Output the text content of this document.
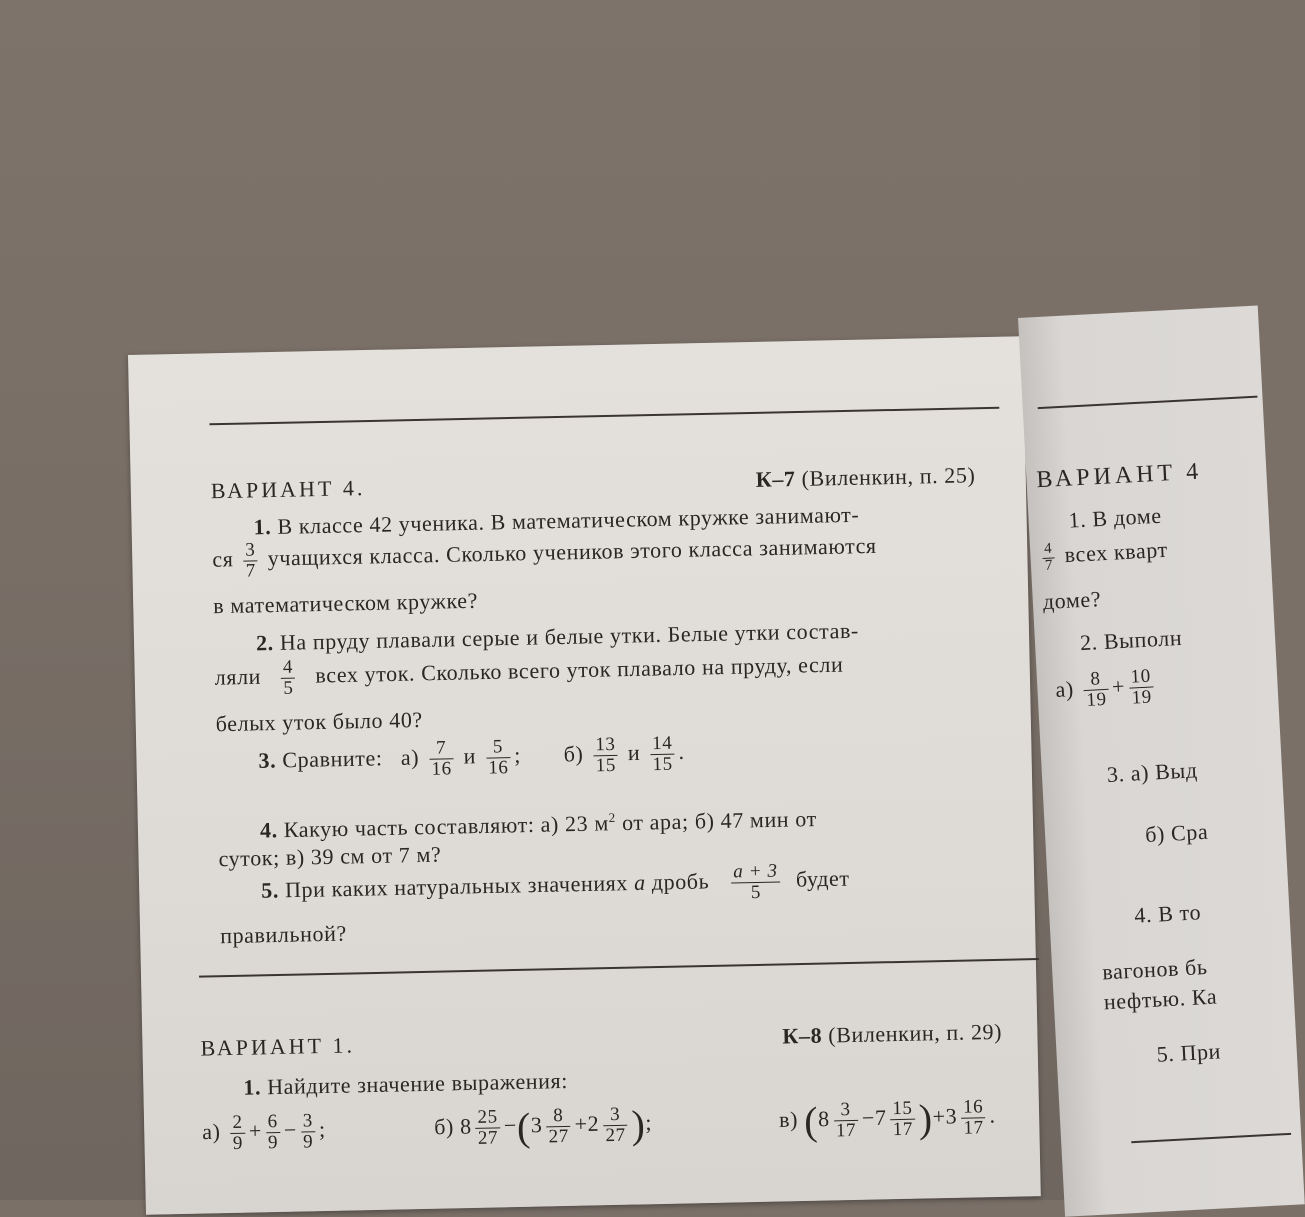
ВАРИАНТ 4.	К–7 (Виленкин, п. 25)
1. В классе 42 ученика. В математическом кружке занимают-
ся $\frac{3}{7}$ учащихся класса. Сколько учеников этого класса занимаются
в математическом кружке?
2. На пруду плавали серые и белые утки. Белые утки состав-
ляли $\frac{4}{5}$ всех уток. Сколько всего уток плавало на пруду, если
белых уток было 40?
3. Сравните: $а) \frac{7}{16}$ и $\frac{5}{16}$ ; $б) \frac{13}{15}$ и $\frac{14}{15}$ .
4. Какую часть составляют: а) 23 $м^2$ от ара; б) 47 мин от
суток; в) 39 см от 7 м?
5. При каких натуральных значениях a дробь $\frac{a + 3}{5}$ будет
правильной?
ВАРИАНТ 1.	К–8 (Виленкин, п. 29)
1. Найдите значение выражения:
$а) \frac{2}{9} + \frac{6}{9} - \frac{3}{9}$ ;	б) $8 \frac{25}{27} -(3 \frac{8}{27} +2 \frac{3}{27}$ );	в) $(8 \frac{3}{17} -7 \frac{15}{17} )+3 \frac{16}{17}$ .
ВАРИАНТ 4
1. В доме
$\frac{4}{7}$ всех кварт
доме?
2. Выполн
$а) \frac{8}{19} + \frac{10}{19}$
3. а) Выд
б) Сра
4. В то
вагонов бь
нефтью. Ка
5. При
